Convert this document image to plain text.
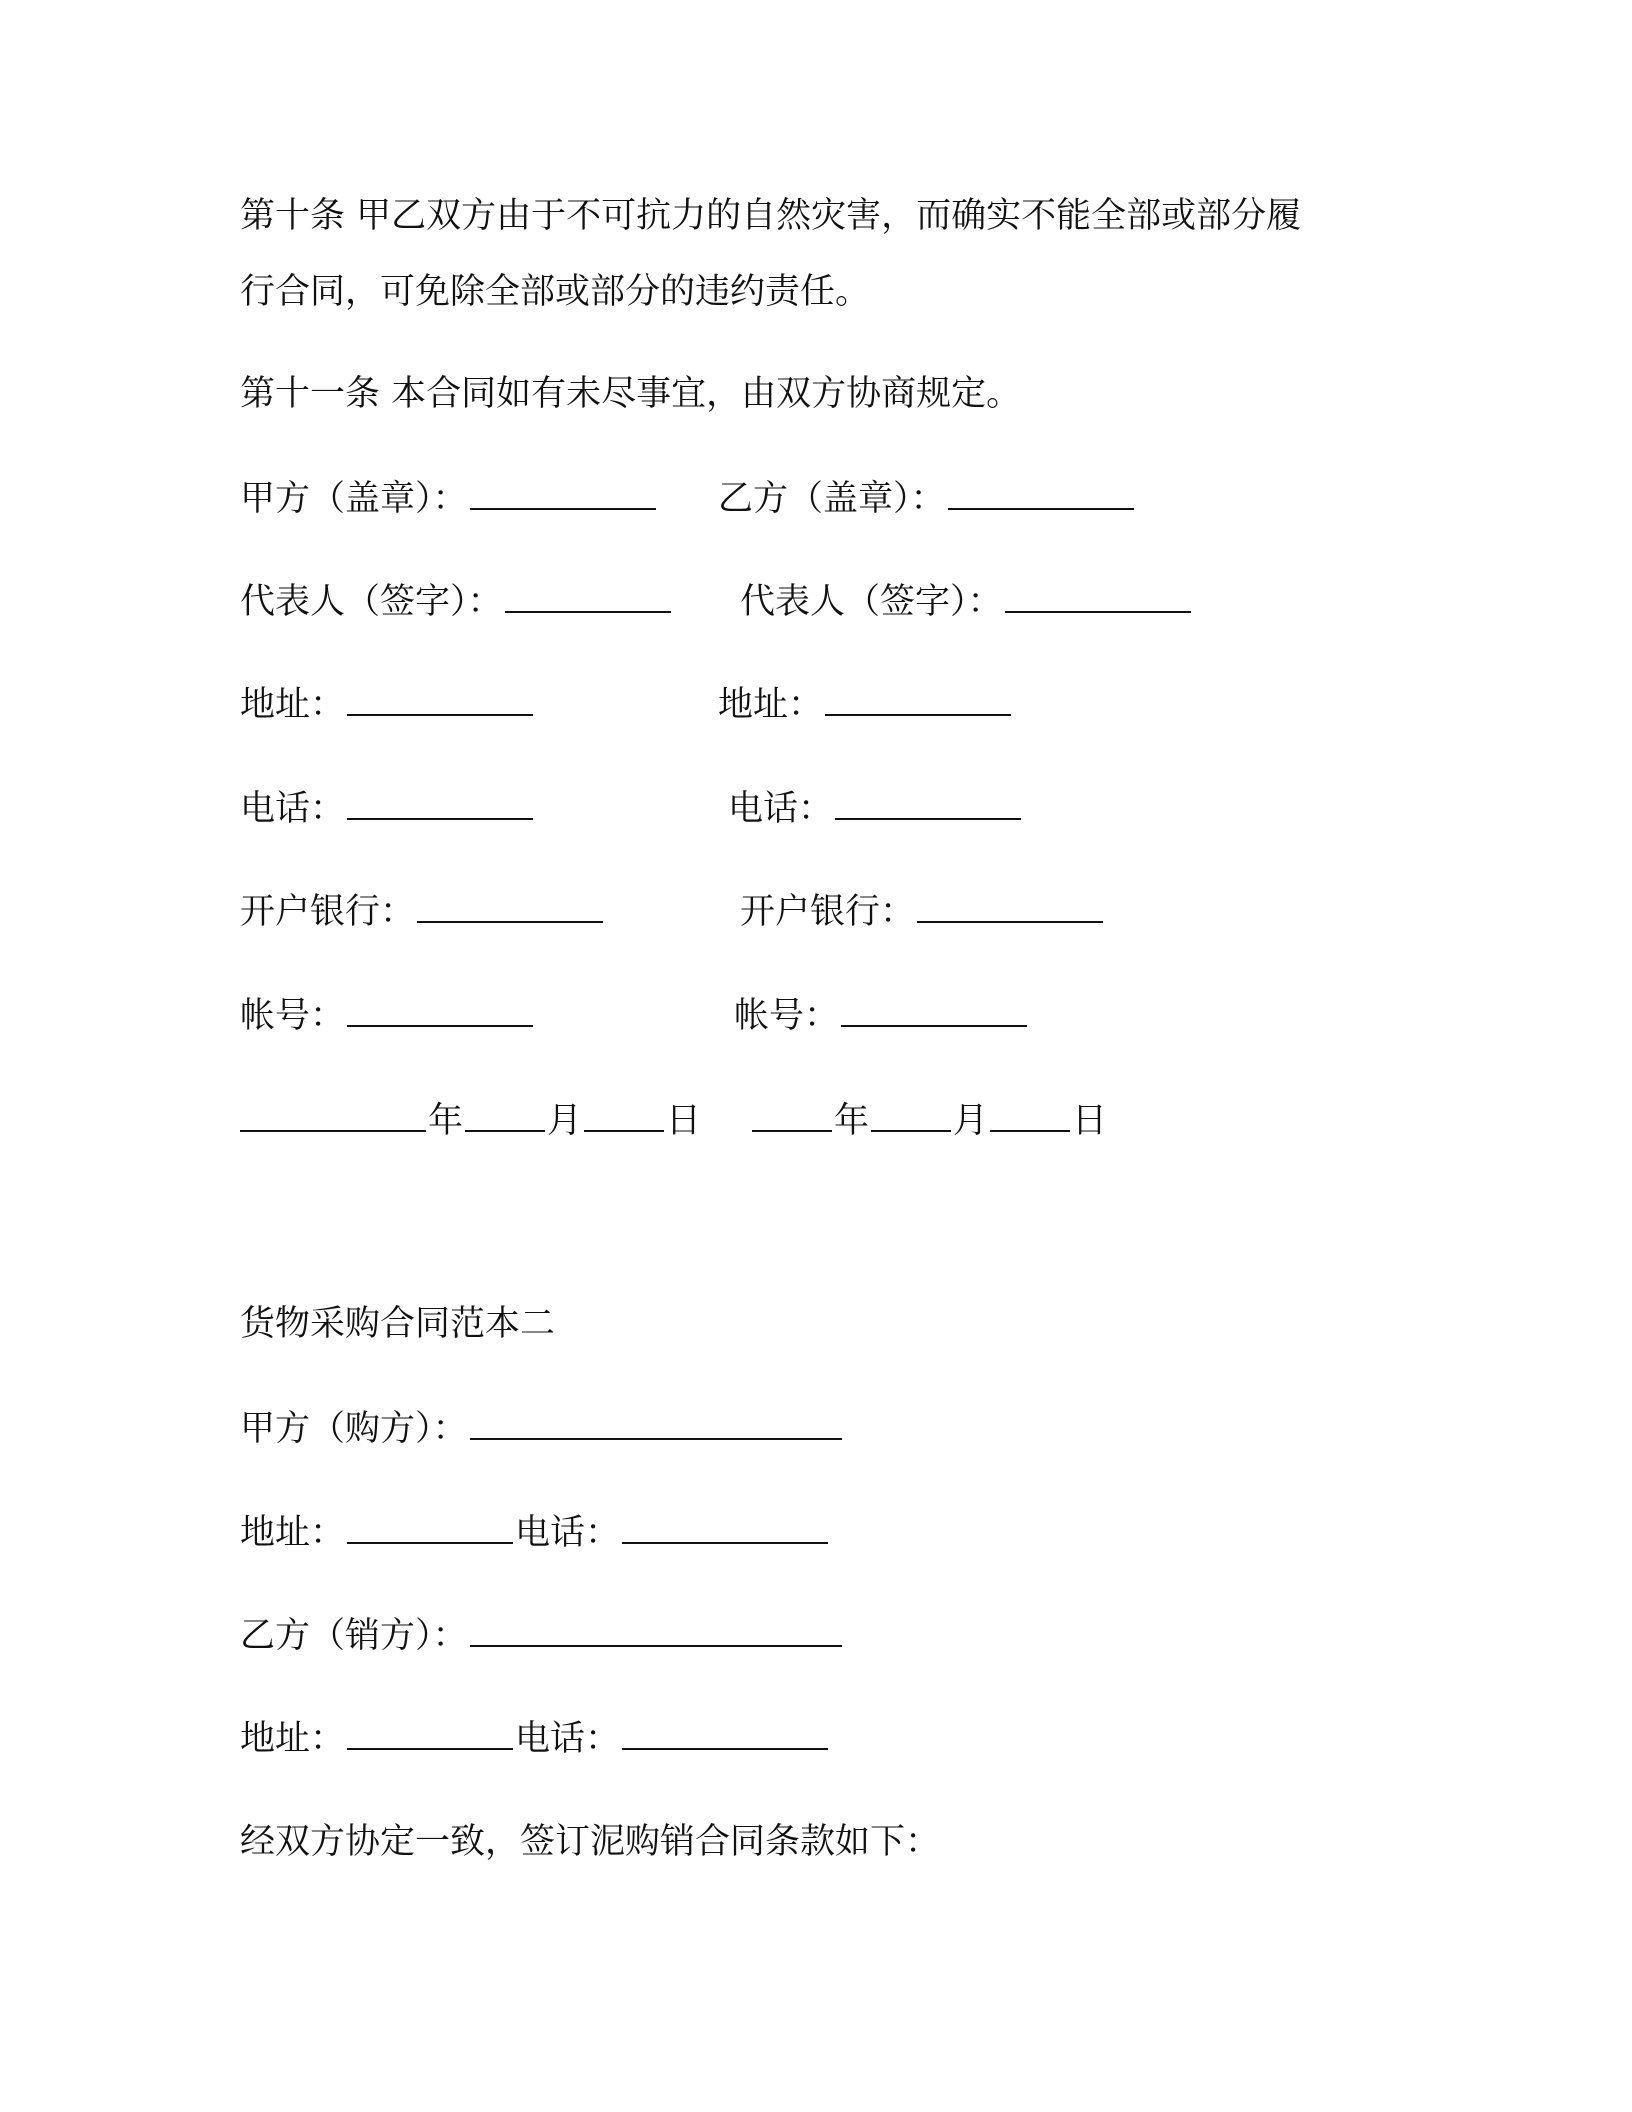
第十条 甲乙双方由于不可抗力的自然灾害，而确实不能全部或部分履
行合同，可免除全部或部分的违约责任。
第十一条 本合同如有未尽事宜，由双方协商规定。
甲方（盖章）：	乙方（盖章）：
代表人（签字）：	代表人（签字）：
地址：	地址：
电话：	电话：
开户银行：	开户银行：
帐号：	帐号：
年 月 日	年 月 日
货物采购合同范本二
甲方（购方）：
地址：	电话：
乙方（销方）：
地址：	电话：
经双方协定一致，签订泥购销合同条款如下：
